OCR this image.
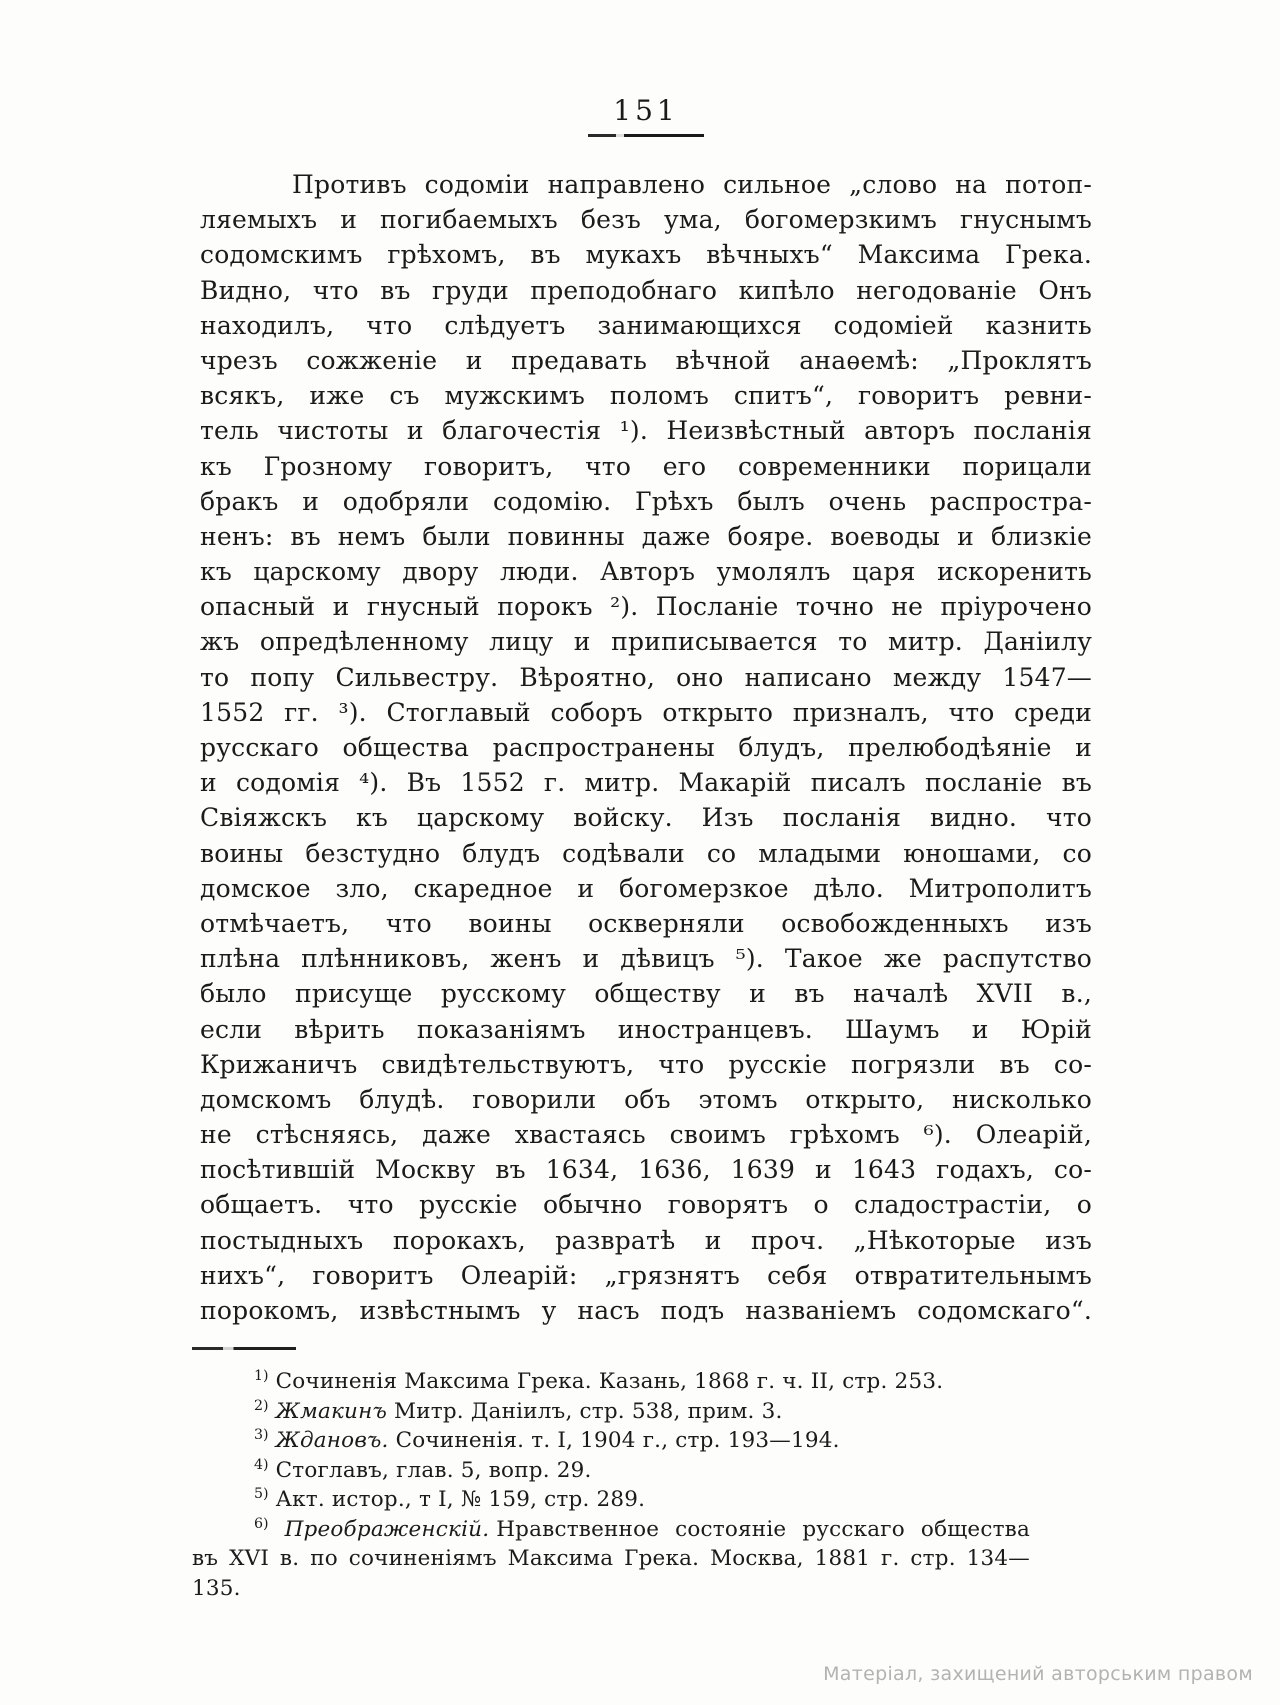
151
Противъ содоміи направлено сильное „слово на потоп-
ляемыхъ и погибаемыхъ безъ ума, богомерзкимъ гнуснымъ
содомскимъ грѣхомъ, въ мукахъ вѣчныхъ“ Максима Грека.
Видно, что въ груди преподобнаго кипѣло негодованіе Онъ
находилъ, что слѣдуетъ занимающихся содоміей казнить
чрезъ сожженіе и предавать вѣчной анаѳемѣ: „Проклятъ
всякъ, иже съ мужскимъ поломъ спитъ“, говоритъ ревни-
тель чистоты и благочестія ¹). Неизвѣстный авторъ посланія
къ Грозному говоритъ, что его современники порицали
бракъ и одобряли содомію. Грѣхъ былъ очень распростра-
ненъ: въ немъ были повинны даже бояре. воеводы и близкіе
къ царскому двору люди. Авторъ умолялъ царя искоренить
опасный и гнусный порокъ ²). Посланіе точно не пріурочено
жъ опредѣленному лицу и приписывается то митр. Даніилу
то попу Сильвестру. Вѣроятно, оно написано между 1547—
1552 гг. ³). Стоглавый соборъ открыто призналъ, что среди
русскаго общества распространены блудъ, прелюбодѣяніе и
и содомія ⁴). Въ 1552 г. митр. Макарій писалъ посланіе въ
Свіяжскъ къ царскому войску. Изъ посланія видно. что
воины безстудно блудъ содѣвали со младыми юношами, со
домское зло, скаредное и богомерзкое дѣло. Митрополитъ
отмѣчаетъ, что воины оскверняли освобожденныхъ изъ
плѣна плѣнниковъ, женъ и дѣвицъ ⁵). Такое же распутство
было присуще русскому обществу и въ началѣ XVII в.,
если вѣрить показаніямъ иностранцевъ. Шаумъ и Юрій
Крижаничъ свидѣтельствуютъ, что русскіе погрязли въ со-
домскомъ блудѣ. говорили объ этомъ открыто, нисколько
не стѣсняясь, даже хвастаясь своимъ грѣхомъ ⁶). Олеарій,
посѣтившій Москву въ 1634, 1636, 1639 и 1643 годахъ, со-
общаетъ. что русскіе обычно говорятъ о сладострастіи, о
постыдныхъ порокахъ, развратѣ и проч. „Нѣкоторые изъ
нихъ“, говоритъ Олеарій: „грязнятъ себя отвратительнымъ
порокомъ, извѣстнымъ у насъ подъ названіемъ содомскаго“.
$^{1)}$ Сочиненія Максима Грека. Казань, 1868 г. ч. II, стр. 253.
$^{2)}$ Жмакинъ Митр. Даніилъ, стр. 538, прим. 3.
$^{3)}$ Ждановъ. Сочиненія. т. I, 1904 г., стр. 193—194.
$^{4)}$ Стоглавъ, глав. 5, вопр. 29.
$^{5)}$ Акт. истор., т I, № 159, стр. 289.
$^{6)}$ Преображенскій. Нравственное состояніе русскаго общества
въ XVI в. по сочиненіямъ Максима Грека. Москва, 1881 г. стр. 134—135.
Матеріал, захищений авторським правом
